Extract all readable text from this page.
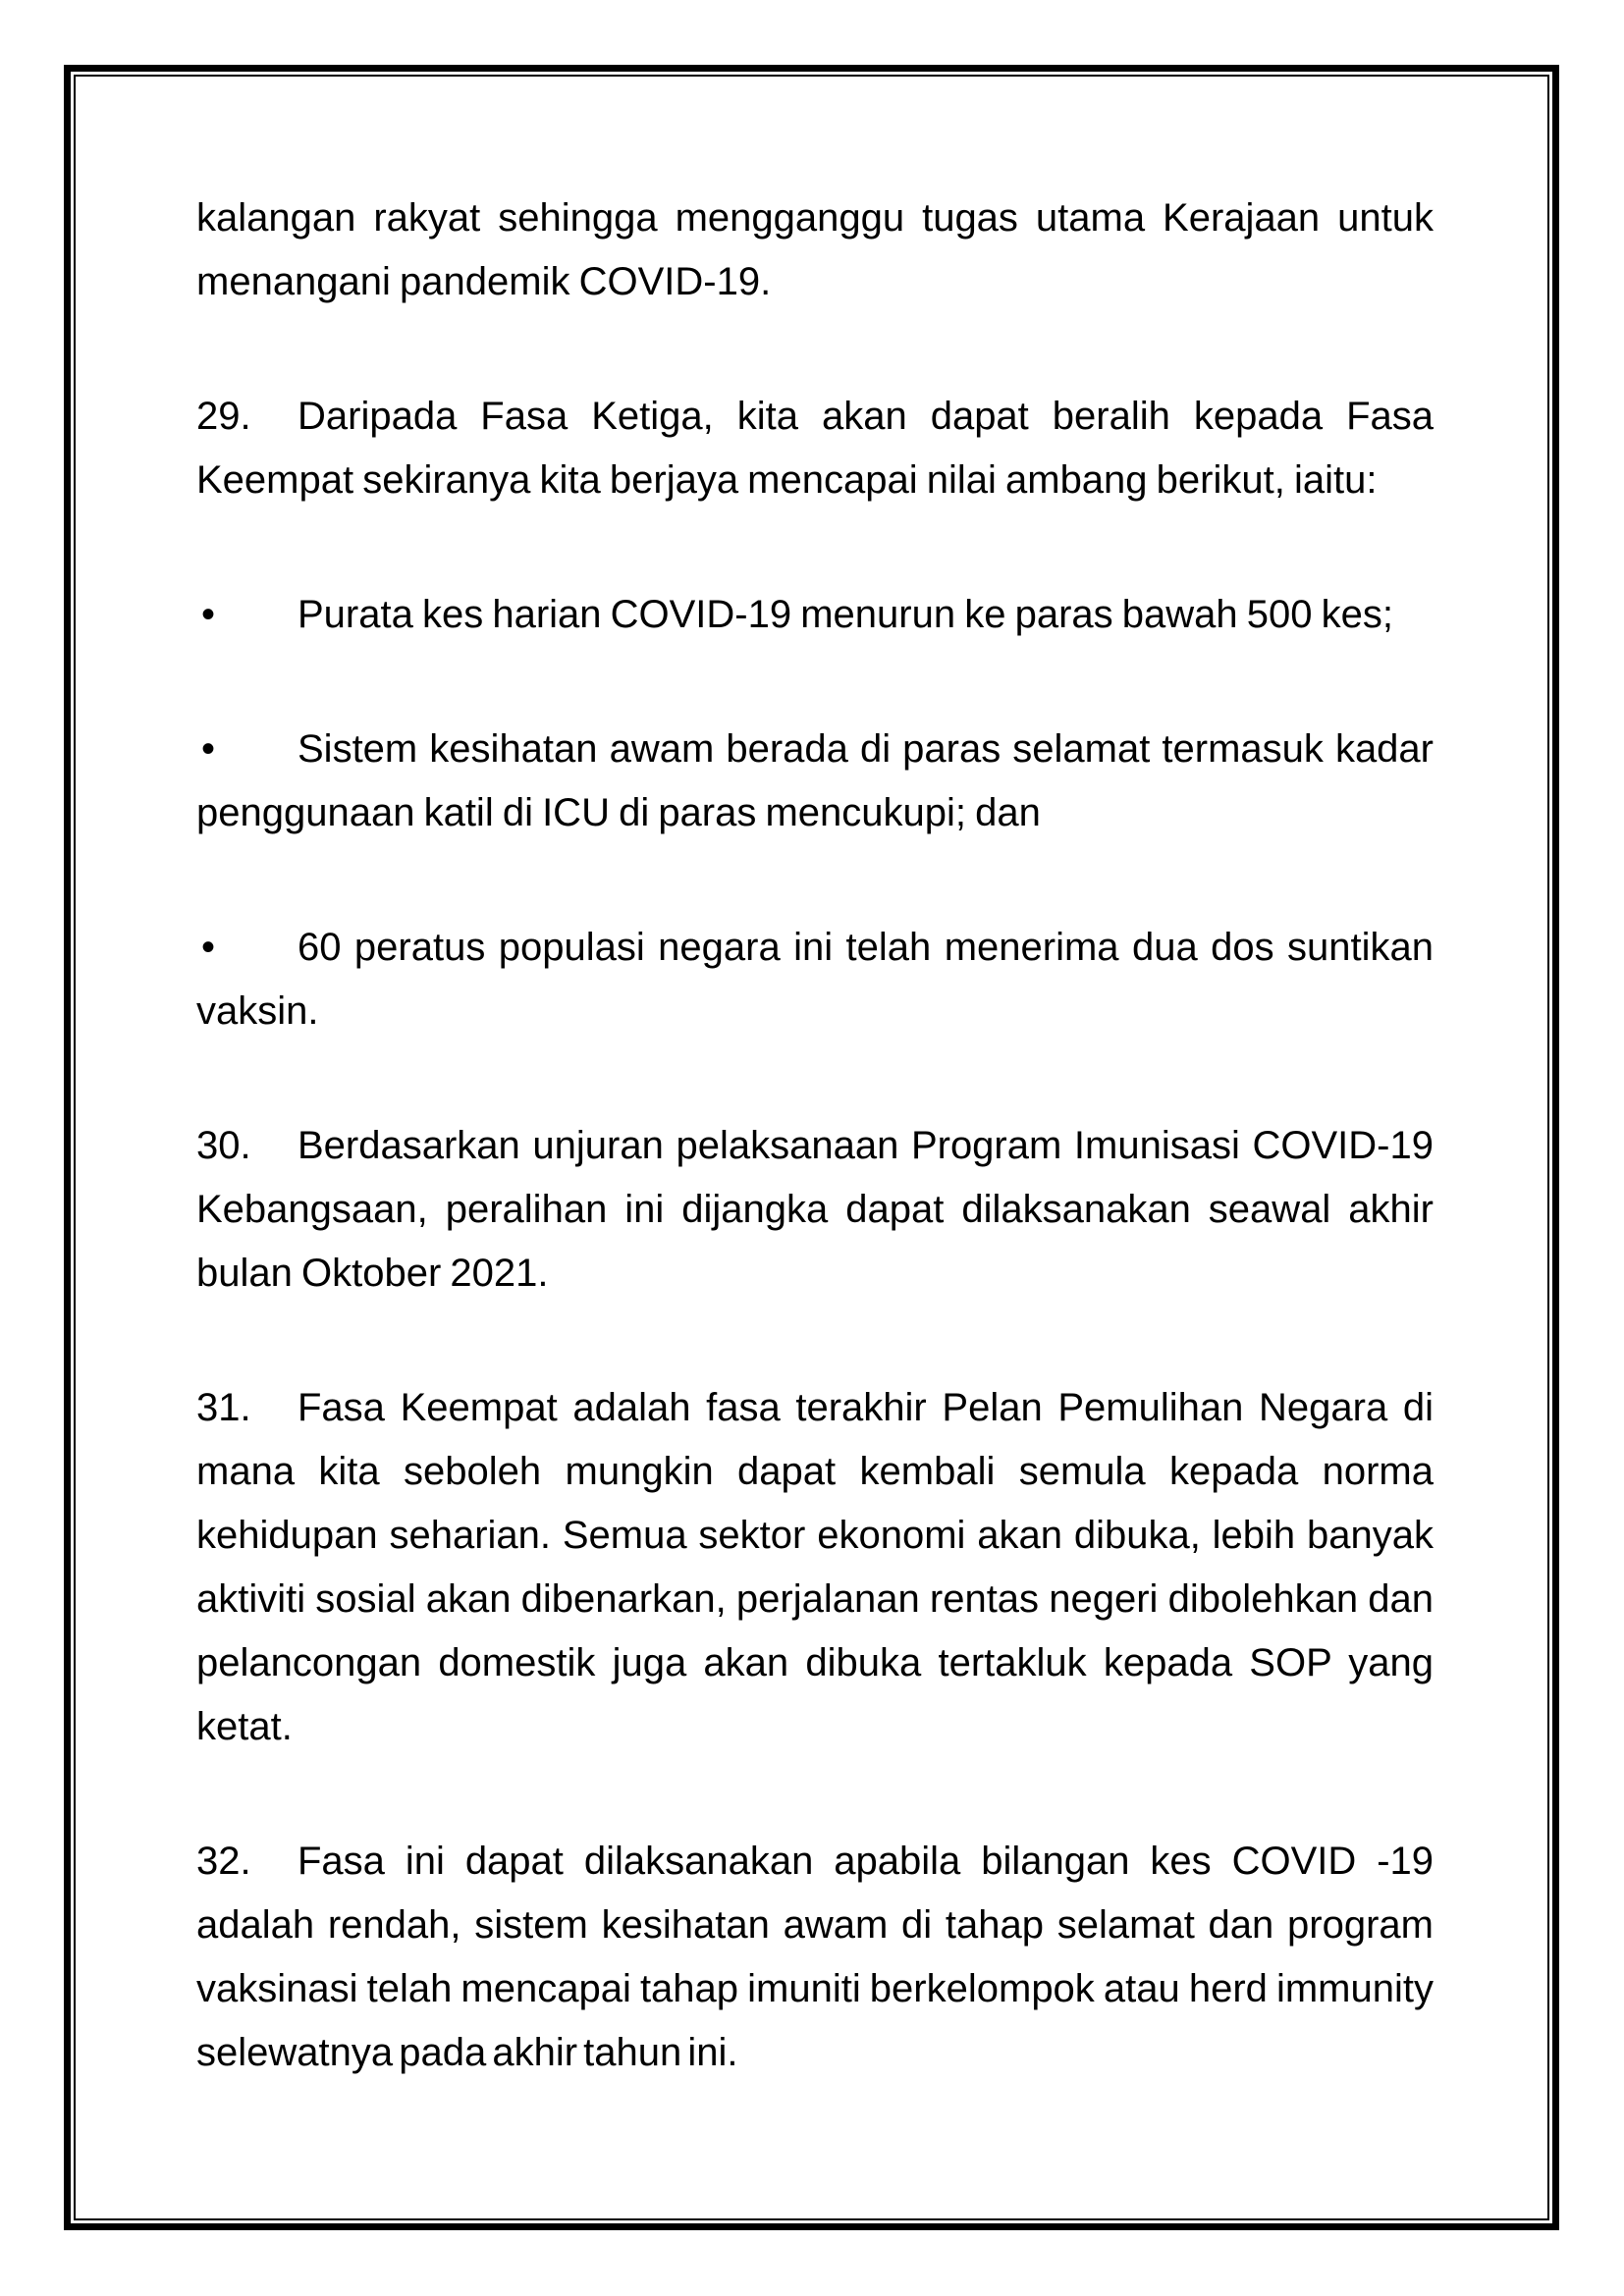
kalangan rakyat sehingga mengganggu tugas utama Kerajaan untuk menangani pandemik COVID-19.

29. Daripada Fasa Ketiga, kita akan dapat beralih kepada Fasa Keempat sekiranya kita berjaya mencapai nilai ambang berikut, iaitu:

• Purata kes harian COVID-19 menurun ke paras bawah 500 kes;

• Sistem kesihatan awam berada di paras selamat termasuk kadar penggunaan katil di ICU di paras mencukupi; dan

• 60 peratus populasi negara ini telah menerima dua dos suntikan vaksin.

30. Berdasarkan unjuran pelaksanaan Program Imunisasi COVID-19 Kebangsaan, peralihan ini dijangka dapat dilaksanakan seawal akhir bulan Oktober 2021.

31. Fasa Keempat adalah fasa terakhir Pelan Pemulihan Negara di mana kita seboleh mungkin dapat kembali semula kepada norma kehidupan seharian. Semua sektor ekonomi akan dibuka, lebih banyak aktiviti sosial akan dibenarkan, perjalanan rentas negeri dibolehkan dan pelancongan domestik juga akan dibuka tertakluk kepada SOP yang ketat.

32. Fasa ini dapat dilaksanakan apabila bilangan kes COVID -19 adalah rendah, sistem kesihatan awam di tahap selamat dan program vaksinasi telah mencapai tahap imuniti berkelompok atau herd immunity selewatnya pada akhir tahun ini.
